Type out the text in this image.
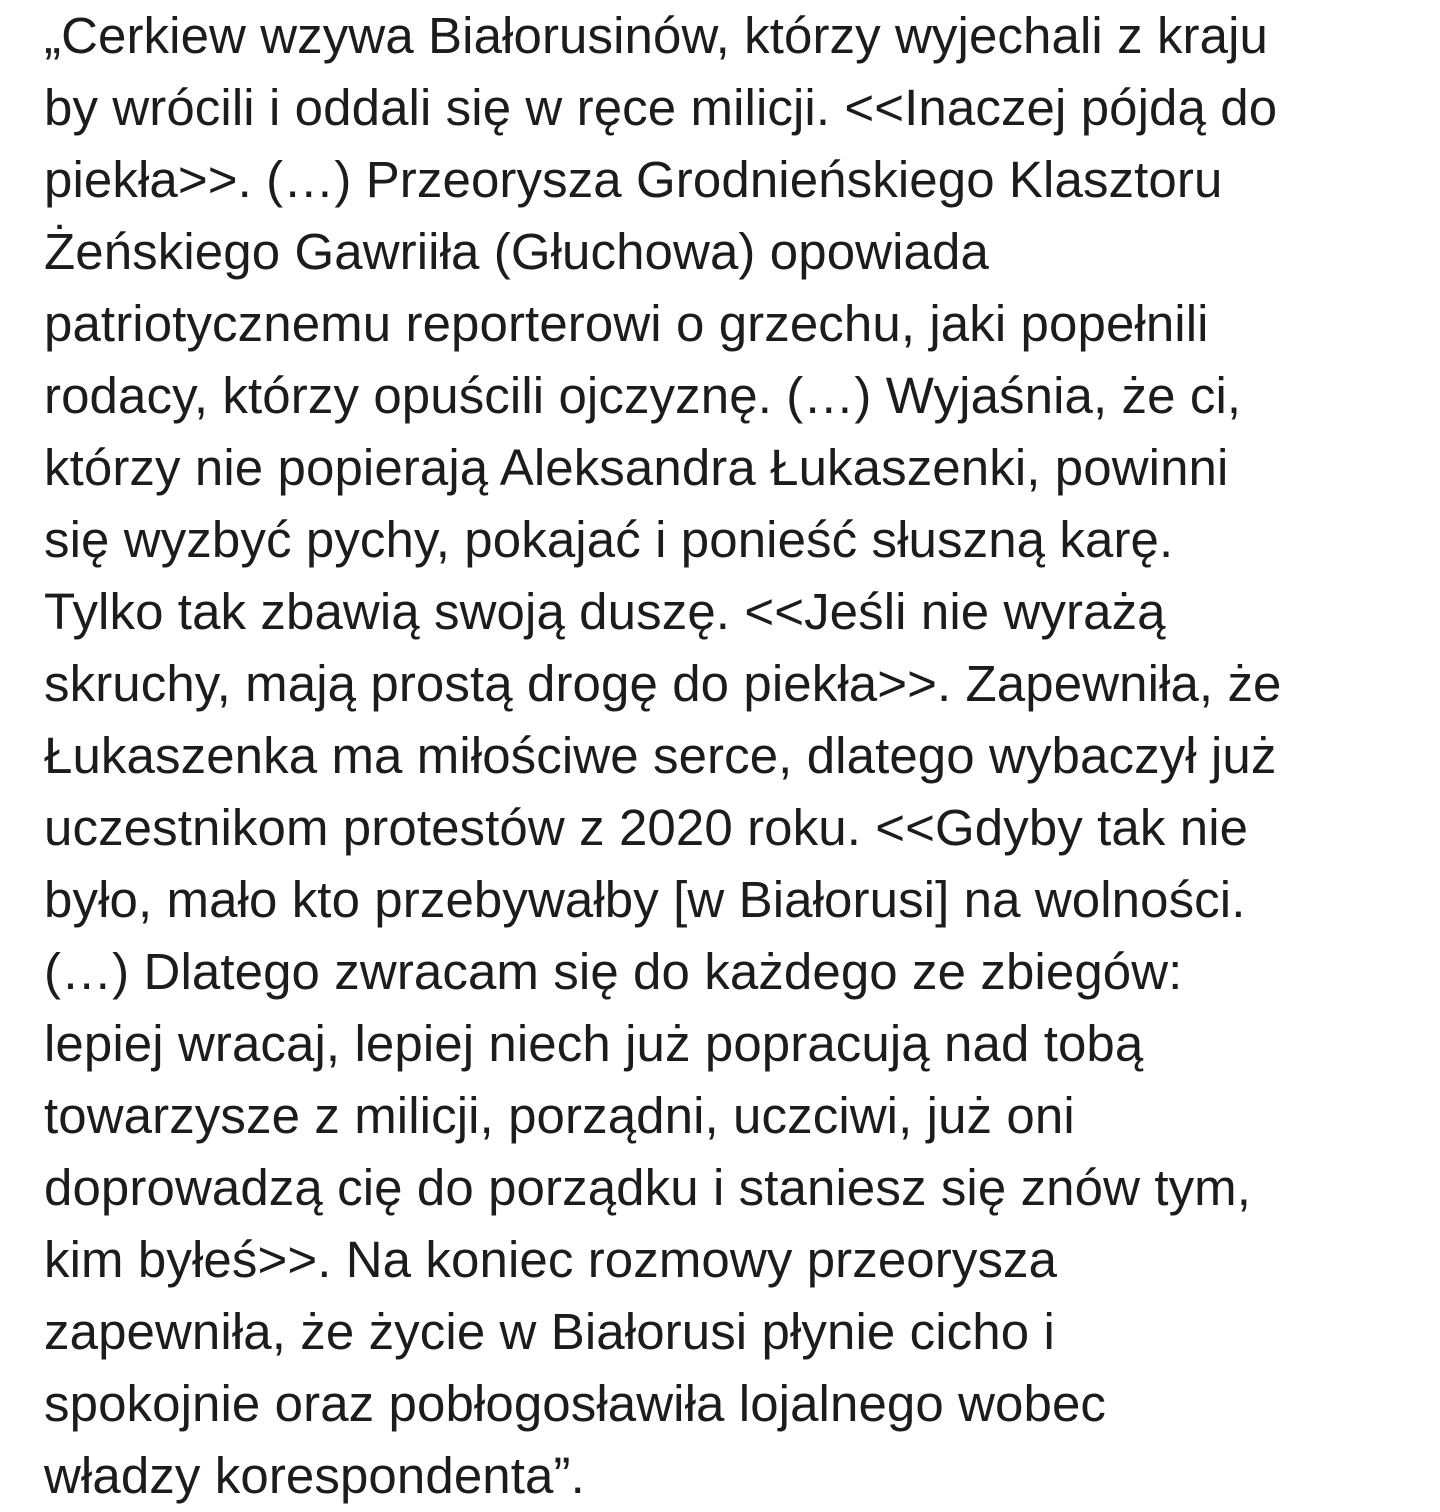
„Cerkiew wzywa Białorusinów, którzy wyjechali z kraju
by wrócili i oddali się w ręce milicji. <<Inaczej pójdą do
piekła>>. (…) Przeorysza Grodnieńskiego Klasztoru
Żeńskiego Gawriiła (Głuchowa) opowiada
patriotycznemu reporterowi o grzechu, jaki popełnili
rodacy, którzy opuścili ojczyznę. (…) Wyjaśnia, że ci,
którzy nie popierają Aleksandra Łukaszenki, powinni
się wyzbyć pychy, pokajać i ponieść słuszną karę.
Tylko tak zbawią swoją duszę. <<Jeśli nie wyrażą
skruchy, mają prostą drogę do piekła>>. Zapewniła, że
Łukaszenka ma miłościwe serce, dlatego wybaczył już
uczestnikom protestów z 2020 roku. <<Gdyby tak nie
było, mało kto przebywałby [w Białorusi] na wolności.
(…) Dlatego zwracam się do każdego ze zbiegów:
lepiej wracaj, lepiej niech już popracują nad tobą
towarzysze z milicji, porządni, uczciwi, już oni
doprowadzą cię do porządku i staniesz się znów tym,
kim byłeś>>. Na koniec rozmowy przeorysza
zapewniła, że życie w Białorusi płynie cicho i
spokojnie oraz pobłogosławiła lojalnego wobec
władzy korespondenta”.
